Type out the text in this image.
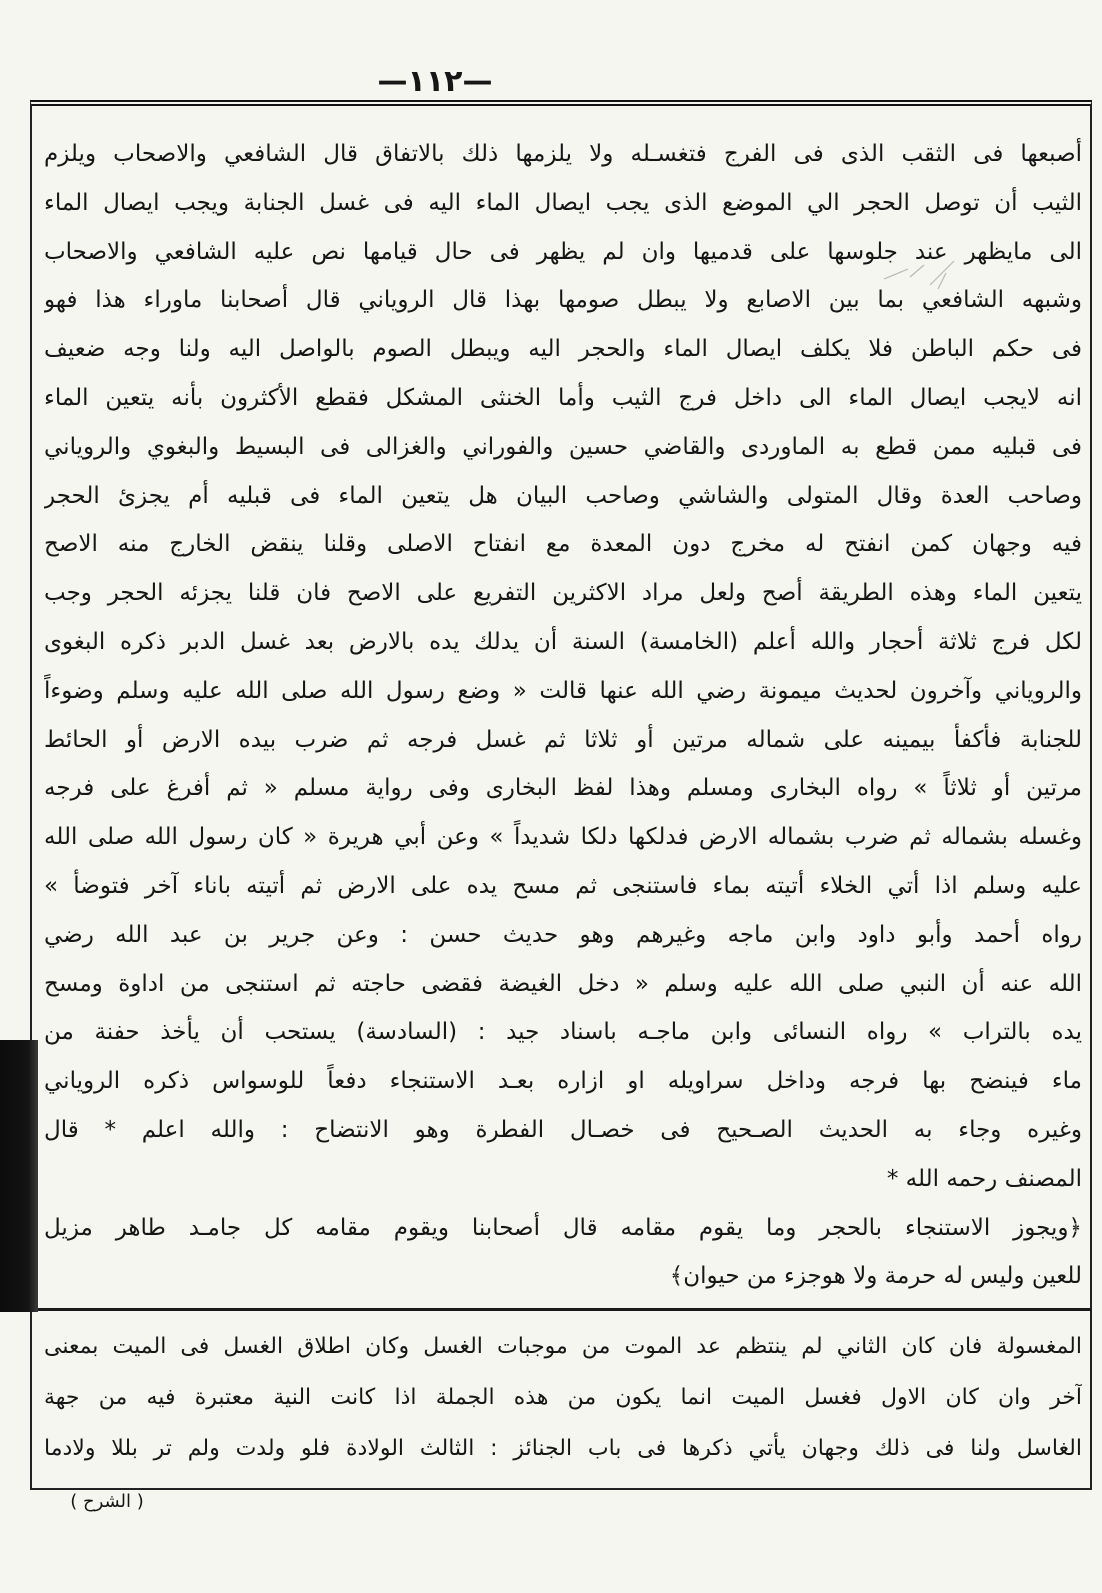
—١١٢—
أصبعها فى الثقب الذى فى الفرج فتغسـله ولا يلزمها ذلك بالاتفاق قال الشافعي والاصحاب ويلزم
الثيب أن توصل الحجر الي الموضع الذى يجب ايصال الماء اليه فى غسل الجنابة ويجب ايصال الماء
الى مايظهر عند جلوسها على قدميها وان لم يظهر فى حال قيامها نص عليه الشافعي والاصحاب
وشبهه الشافعي بما بين الاصابع ولا يبطل صومها بهذا قال الروياني قال أصحابنا ماوراء هذا فهو
فى حكم الباطن فلا يكلف ايصال الماء والحجر اليه ويبطل الصوم بالواصل اليه ولنا وجه ضعيف
انه لايجب ايصال الماء الى داخل فرج الثيب وأما الخنثى المشكل فقطع الأكثرون بأنه يتعين الماء
فى قبليه ممن قطع به الماوردى والقاضي حسين والفوراني والغزالى فى البسيط والبغوي والروياني
وصاحب العدة وقال المتولى والشاشي وصاحب البيان هل يتعين الماء فى قبليه أم يجزئ الحجر
فيه وجهان كمن انفتح له مخرج دون المعدة مع انفتاح الاصلى وقلنا ينقض الخارج منه الاصح
يتعين الماء وهذه الطريقة أصح ولعل مراد الاكثرين التفريع على الاصح فان قلنا يجزئه الحجر وجب
لكل فرج ثلاثة أحجار والله أعلم (الخامسة) السنة أن يدلك يده بالارض بعد غسل الدبر ذكره البغوى
والروياني وآخرون لحديث ميمونة رضي الله عنها قالت « وضع رسول الله صلى الله عليه وسلم وضوءاً
للجنابة فأكفأ بيمينه على شماله مرتين أو ثلاثا ثم غسل فرجه ثم ضرب بيده الارض أو الحائط
مرتين أو ثلاثاً » رواه البخارى ومسلم وهذا لفظ البخارى وفى رواية مسلم « ثم أفرغ على فرجه
وغسله بشماله ثم ضرب بشماله الارض فدلكها دلكا شديداً » وعن أبي هريرة « كان رسول الله صلى الله
عليه وسلم اذا أتي الخلاء أتيته بماء فاستنجى ثم مسح يده على الارض ثم أتيته باناء آخر فتوضأ »
رواه أحمد وأبو داود وابن ماجه وغيرهم وهو حديث حسن : وعن جرير بن عبد الله رضي
الله عنه أن النبي صلى الله عليه وسلم « دخل الغيضة فقضى حاجته ثم استنجى من اداوة ومسح
يده بالتراب » رواه النسائى وابن ماجـه باسناد جيد : (السادسة) يستحب أن يأخذ حفنة من
ماء فينضح بها فرجه وداخل سراويله او ازاره بعـد الاستنجاء دفعاً للوسواس ذكره الروياني
وغيره وجاء به الحديث الصـحيح فى خصـال الفطرة وهو الانتضاح : والله اعلم * قال
المصنف رحمه الله *
﴿ويجوز الاستنجاء بالحجر وما يقوم مقامه قال أصحابنا ويقوم مقامه كل جامـد طاهر مزيل
للعين وليس له حرمة ولا هوجزء من حيوان﴾
المغسولة فان كان الثاني لم ينتظم عد الموت من موجبات الغسل وكان اطلاق الغسل فى الميت بمعنى
آخر وان كان الاول فغسل الميت انما يكون من هذه الجملة اذا كانت النية معتبرة فيه من جهة
الغاسل ولنا فى ذلك وجهان يأتي ذكرها فى باب الجنائز : الثالث الولادة فلو ولدت ولم تر بللا ولادما
( الشرح )
